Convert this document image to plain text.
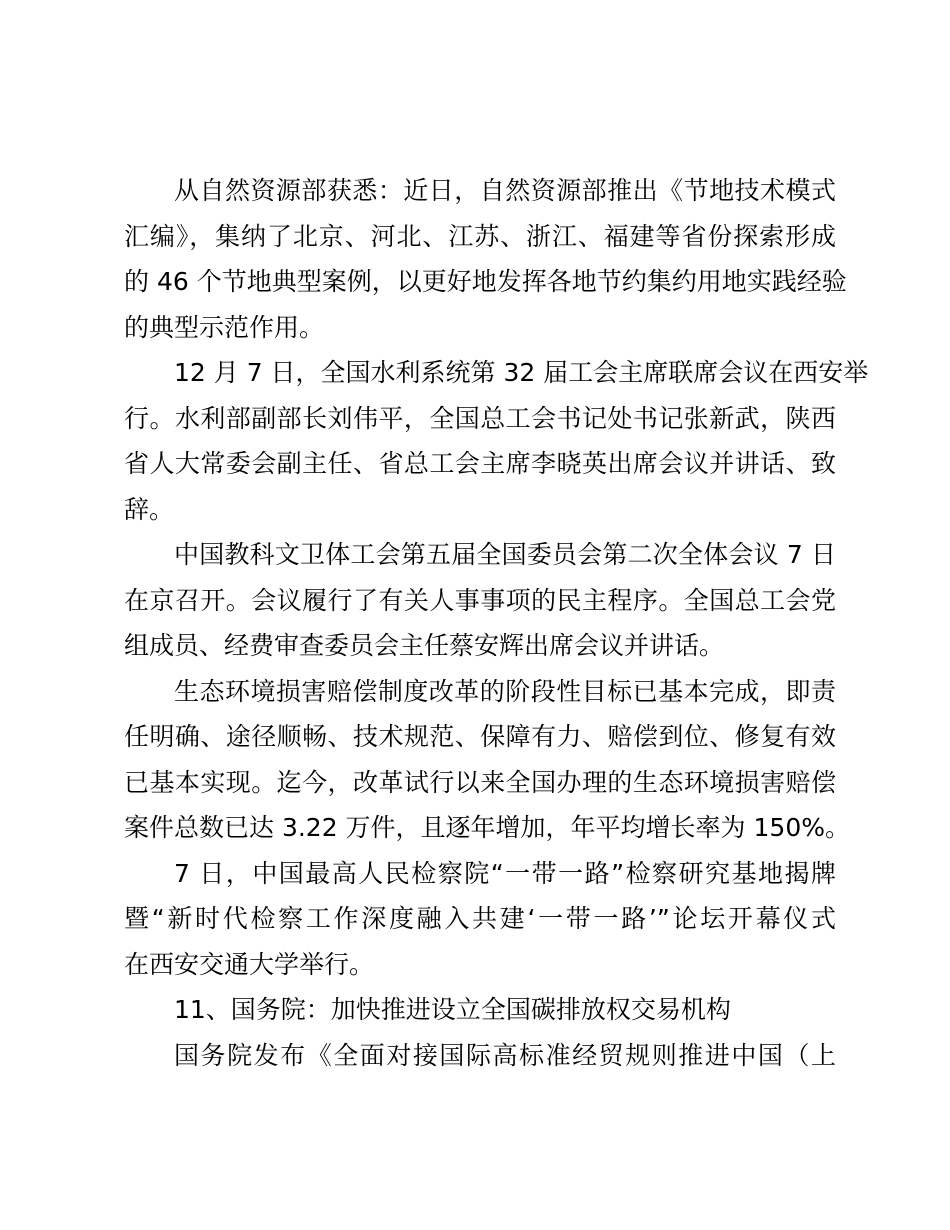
从自然资源部获悉：近日，自然资源部推出《节地技术模式
汇编》，集纳了北京、河北、江苏、浙江、福建等省份探索形成
的 46 个节地典型案例，以更好地发挥各地节约集约用地实践经验
的典型示范作用。

12 月 7 日，全国水利系统第 32 届工会主席联席会议在西安举
行。水利部副部长刘伟平，全国总工会书记处书记张新武，陕西
省人大常委会副主任、省总工会主席李晓英出席会议并讲话、致
辞。

中国教科文卫体工会第五届全国委员会第二次全体会议 7 日
在京召开。会议履行了有关人事事项的民主程序。全国总工会党
组成员、经费审查委员会主任蔡安辉出席会议并讲话。

生态环境损害赔偿制度改革的阶段性目标已基本完成，即责
任明确、途径顺畅、技术规范、保障有力、赔偿到位、修复有效
已基本实现。迄今，改革试行以来全国办理的生态环境损害赔偿
案件总数已达 3.22 万件，且逐年增加，年平均增长率为 150%。

7 日，中国最高人民检察院“一带一路”检察研究基地揭牌
暨“新时代检察工作深度融入共建‘一带一路’”论坛开幕仪式
在西安交通大学举行。

11、国务院：加快推进设立全国碳排放权交易机构

国务院发布《全面对接国际高标准经贸规则推进中国（上
